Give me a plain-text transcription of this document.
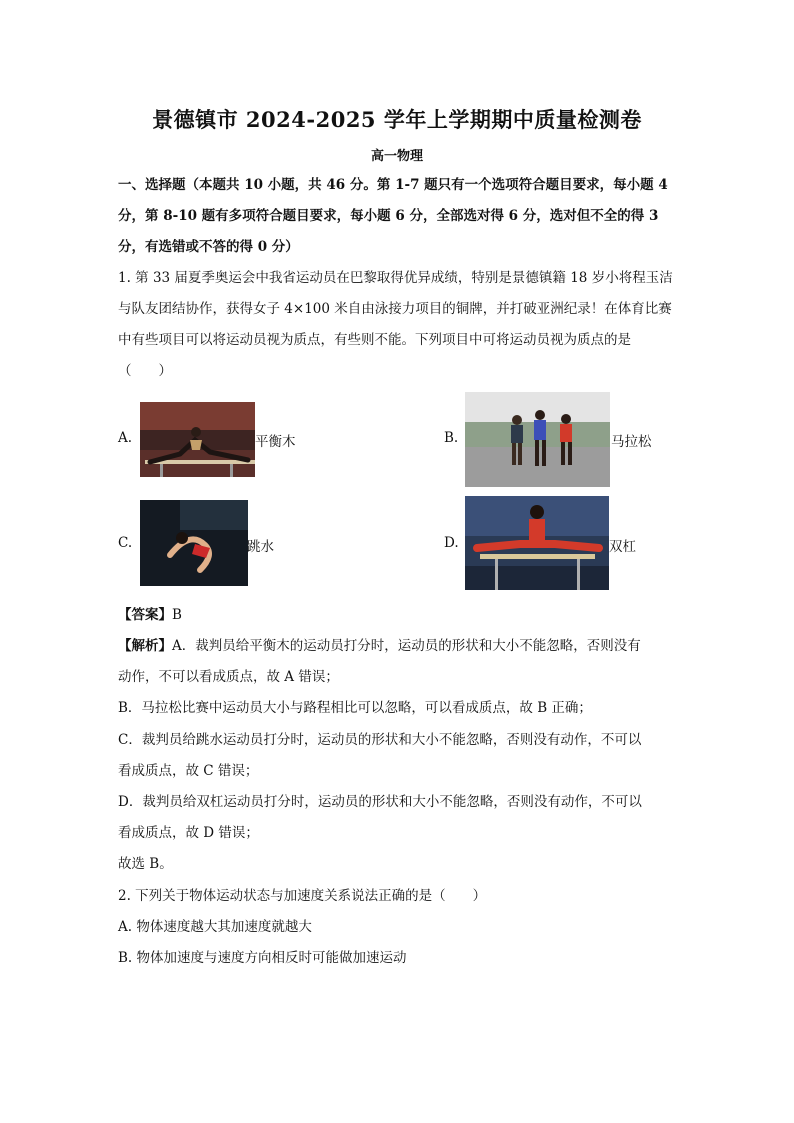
景德镇市 2024-2025 学年上学期期中质量检测卷
高一物理
一、选择题（本题共 10 小题，共 46 分。第 1-7 题只有一个选项符合题目要求，每小题 4 分，第 8-10 题有多项符合题目要求，每小题 6 分，全部选对得 6 分，选对但不全的得 3 分，有选错或不答的得 0 分）
1. 第 33 届夏季奥运会中我省运动员在巴黎取得优异成绩，特别是景德镇籍 18 岁小将程玉洁与队友团结协作，获得女子 4×100 米自由泳接力项目的铜牌，并打破亚洲纪录！在体育比赛中有些项目可以将运动员视为质点，有些则不能。下列项目中可将运动员视为质点的是（　　）
A.	平衡木	B.	马拉松
C.	跳水	D.	双杠
【答案】B
【解析】A．裁判员给平衡木的运动员打分时，运动员的形状和大小不能忽略，否则没有
动作，不可以看成质点，故 A 错误；
B．马拉松比赛中运动员大小与路程相比可以忽略，可以看成质点，故 B 正确；
C．裁判员给跳水运动员打分时，运动员的形状和大小不能忽略，否则没有动作，不可以
看成质点，故 C 错误；
D．裁判员给双杠运动员打分时，运动员的形状和大小不能忽略，否则没有动作，不可以
看成质点，故 D 错误；
故选 B。
2. 下列关于物体运动状态与加速度关系说法正确的是（　　）
A. 物体速度越大其加速度就越大
B. 物体加速度与速度方向相反时可能做加速运动
